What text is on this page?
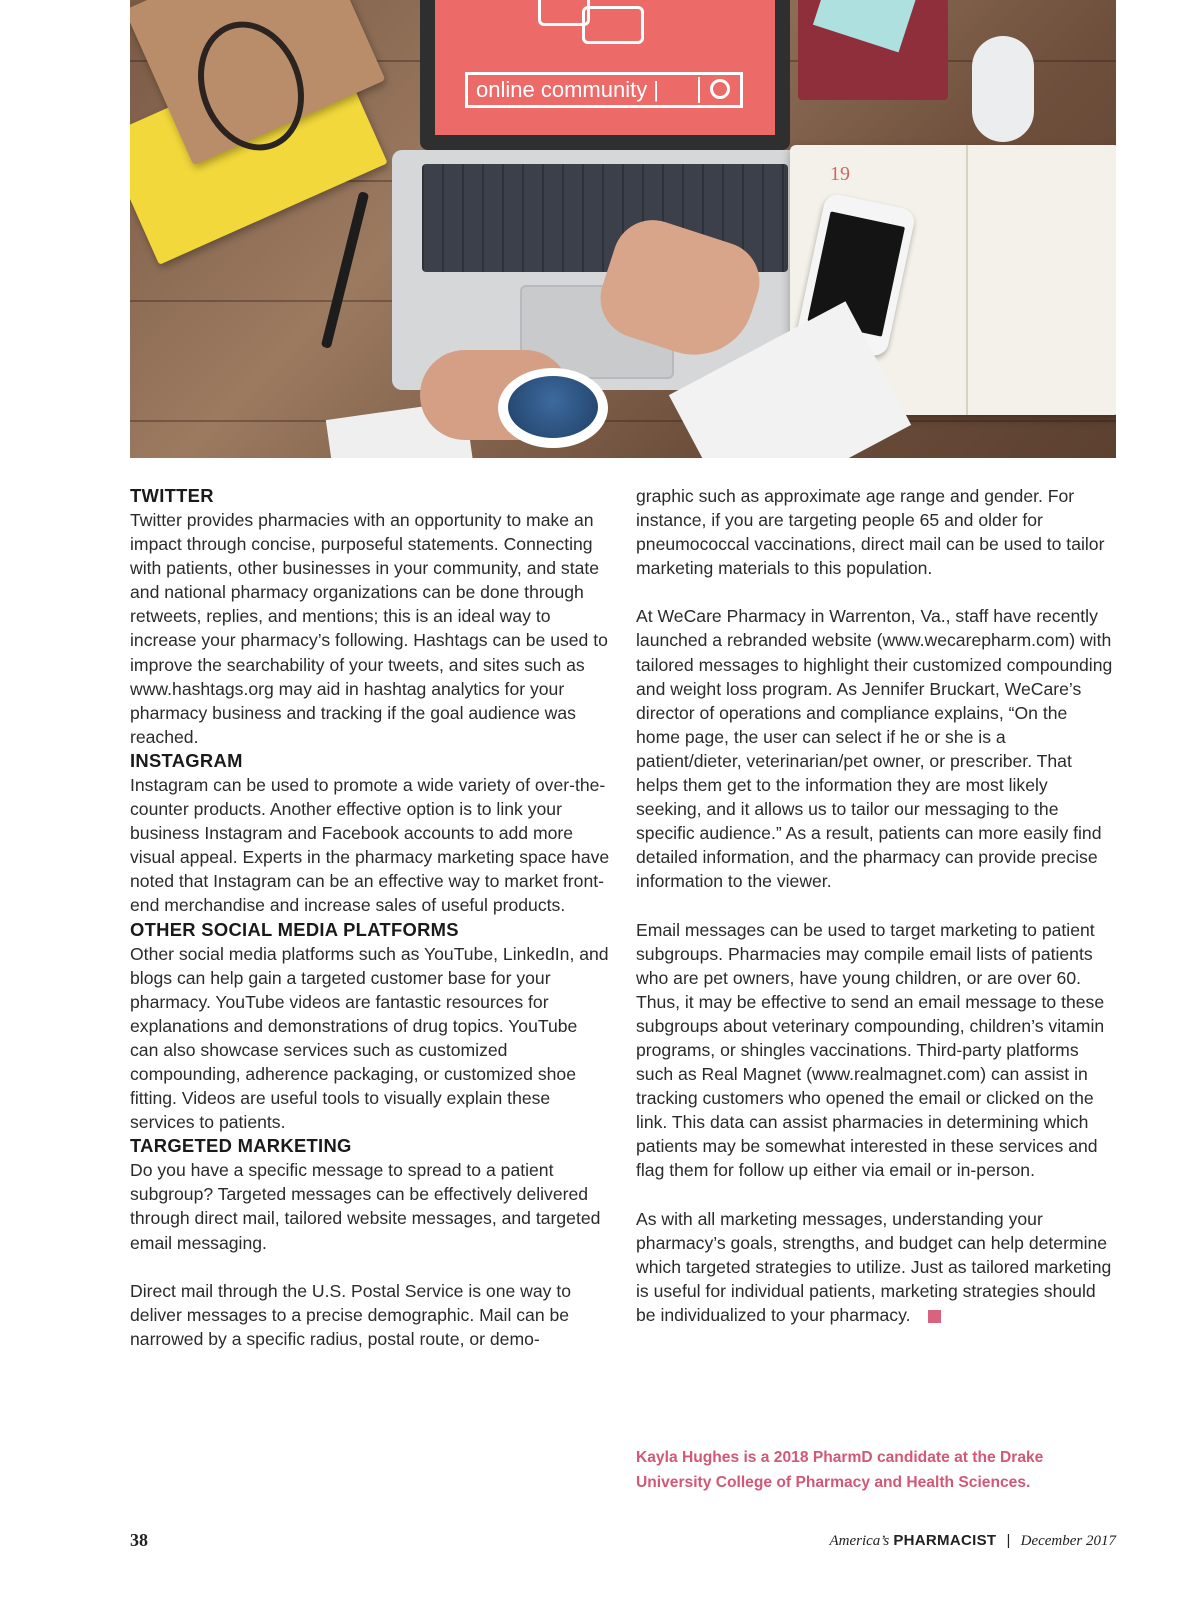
online community |
19
TWITTER

Twitter provides pharmacies with an opportunity to make an impact through concise, purposeful statements. Connecting with patients, other businesses in your community, and state and national pharmacy organizations can be done through retweets, replies, and mentions; this is an ideal way to increase your pharmacy’s following. Hashtags can be used to improve the searchability of your tweets, and sites such as www.hashtags.org may aid in hashtag analytics for your pharmacy business and tracking if the goal audience was reached.

INSTAGRAM

Instagram can be used to promote a wide variety of over-the-counter products. Another effective option is to link your business Instagram and Facebook accounts to add more visual appeal. Experts in the pharmacy marketing space have noted that Instagram can be an effective way to market front-end merchandise and increase sales of useful products.

OTHER SOCIAL MEDIA PLATFORMS

Other social media platforms such as YouTube, LinkedIn, and blogs can help gain a targeted customer base for your pharmacy. YouTube videos are fantastic resources for explanations and demonstrations of drug topics. YouTube can also showcase services such as customized compounding, adherence packaging, or customized shoe fitting. Videos are useful tools to visually explain these services to patients.

TARGETED MARKETING

Do you have a specific message to spread to a patient subgroup? Targeted messages can be effectively delivered through direct mail, tailored website messages, and targeted email messaging.

Direct mail through the U.S. Postal Service is one way to deliver messages to a precise demographic. Mail can be narrowed by a specific radius, postal route, or demo-

graphic such as approximate age range and gender. For instance, if you are targeting people 65 and older for pneumococcal vaccinations, direct mail can be used to tailor marketing materials to this population.

At WeCare Pharmacy in Warrenton, Va., staff have recently launched a rebranded website (www.wecarepharm.com) with tailored messages to highlight their customized compounding and weight loss program. As Jennifer Bruckart, WeCare’s director of operations and compliance explains, “On the home page, the user can select if he or she is a patient/dieter, veterinarian/pet owner, or prescriber. That helps them get to the information they are most likely seeking, and it allows us to tailor our messaging to the specific audience.” As a result, patients can more easily find detailed information, and the pharmacy can provide precise information to the viewer.

Email messages can be used to target marketing to patient subgroups. Pharmacies may compile email lists of patients who are pet owners, have young children, or are over 60. Thus, it may be effective to send an email message to these subgroups about veterinary compounding, children’s vitamin programs, or shingles vaccinations. Third-party platforms such as Real Magnet (www.realmagnet.com) can assist in tracking customers who opened the email or clicked on the link. This data can assist pharmacies in determining which patients may be somewhat interested in these services and flag them for follow up either via email or in-person.

As with all marketing messages, understanding your pharmacy’s goals, strengths, and budget can help determine which targeted strategies to utilize. Just as tailored marketing is useful for individual patients, marketing strategies should be individualized to your pharmacy.

Kayla Hughes is a 2018 PharmD candidate at the Drake University College of Pharmacy and Health Sciences.
38	America’s PHARMACIST | December 2017
